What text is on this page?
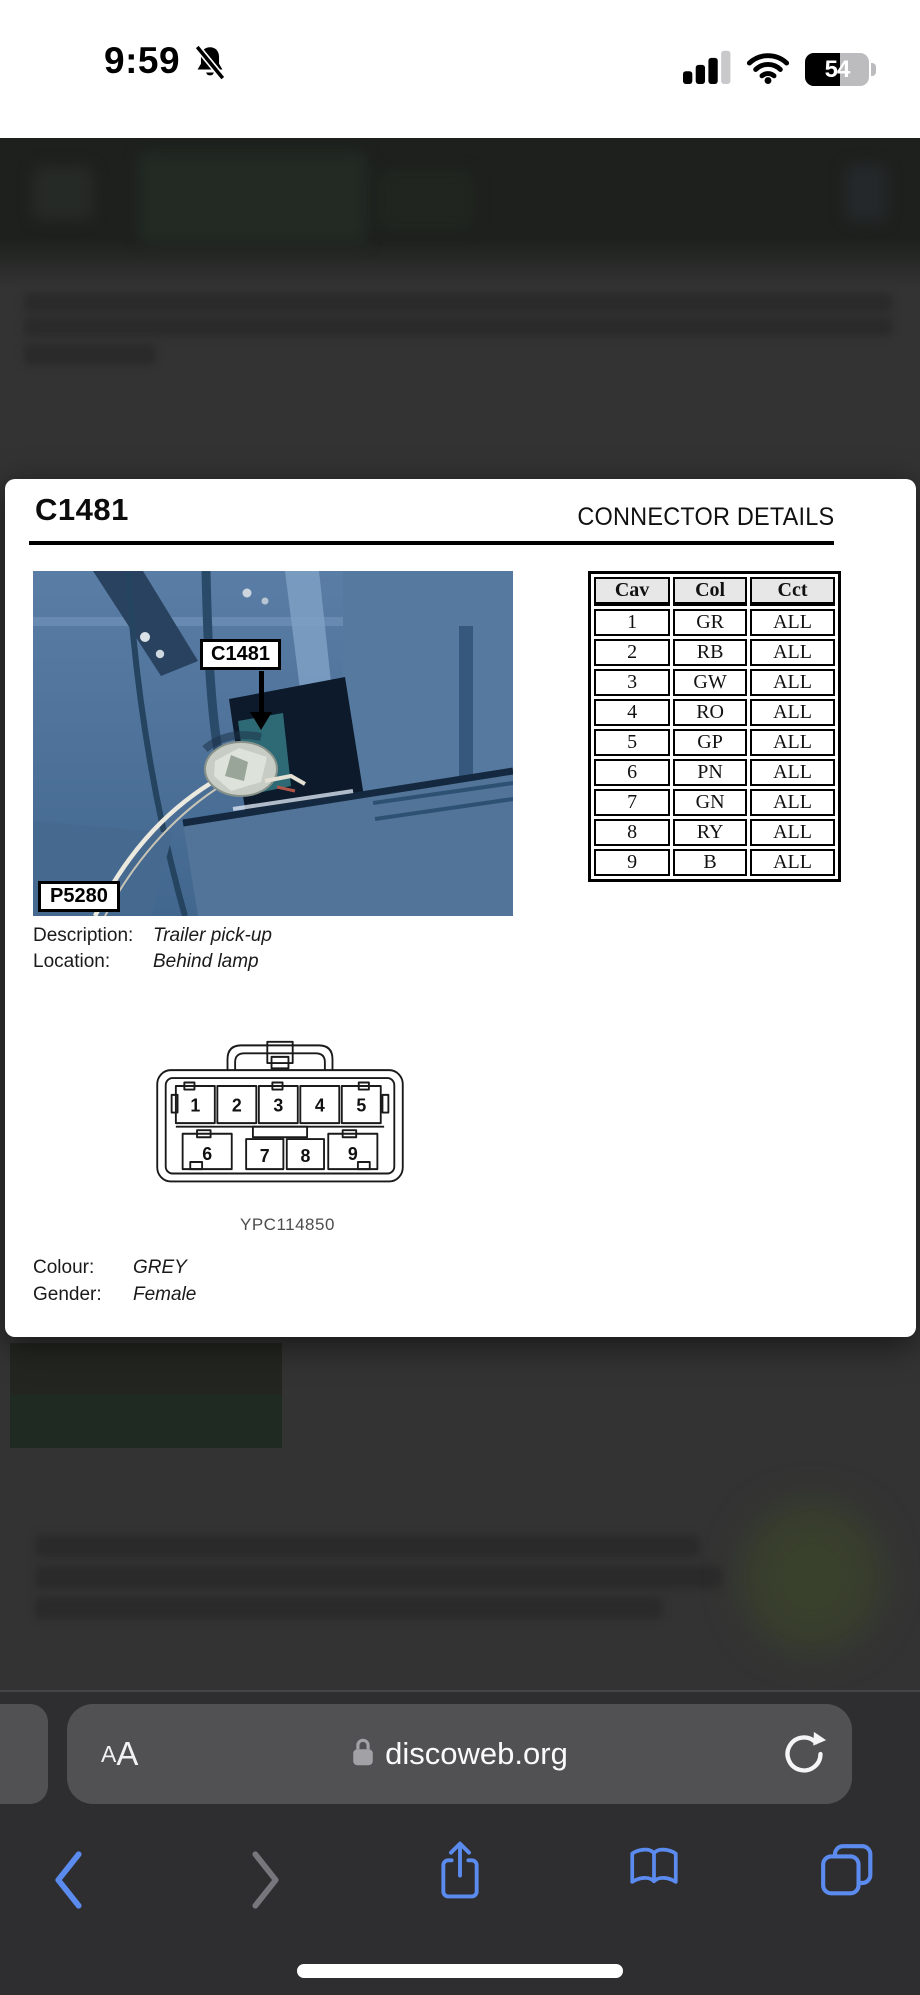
9:59	54
C1481	CONNECTOR DETAILS
C1481
P5280
Cav	Col	Cct
1	GR	ALL
2	RB	ALL
3	GW	ALL
4	RO	ALL
5	GP	ALL
6	PN	ALL
7	GN	ALL
8	RY	ALL
9	B	ALL
Description:	Trailer pick-up
Location:	Behind lamp
1 2 3 4 5
6 7 8 9
YPC114850
Colour:	GREY
Gender:	Female
A A	discoweb.org
